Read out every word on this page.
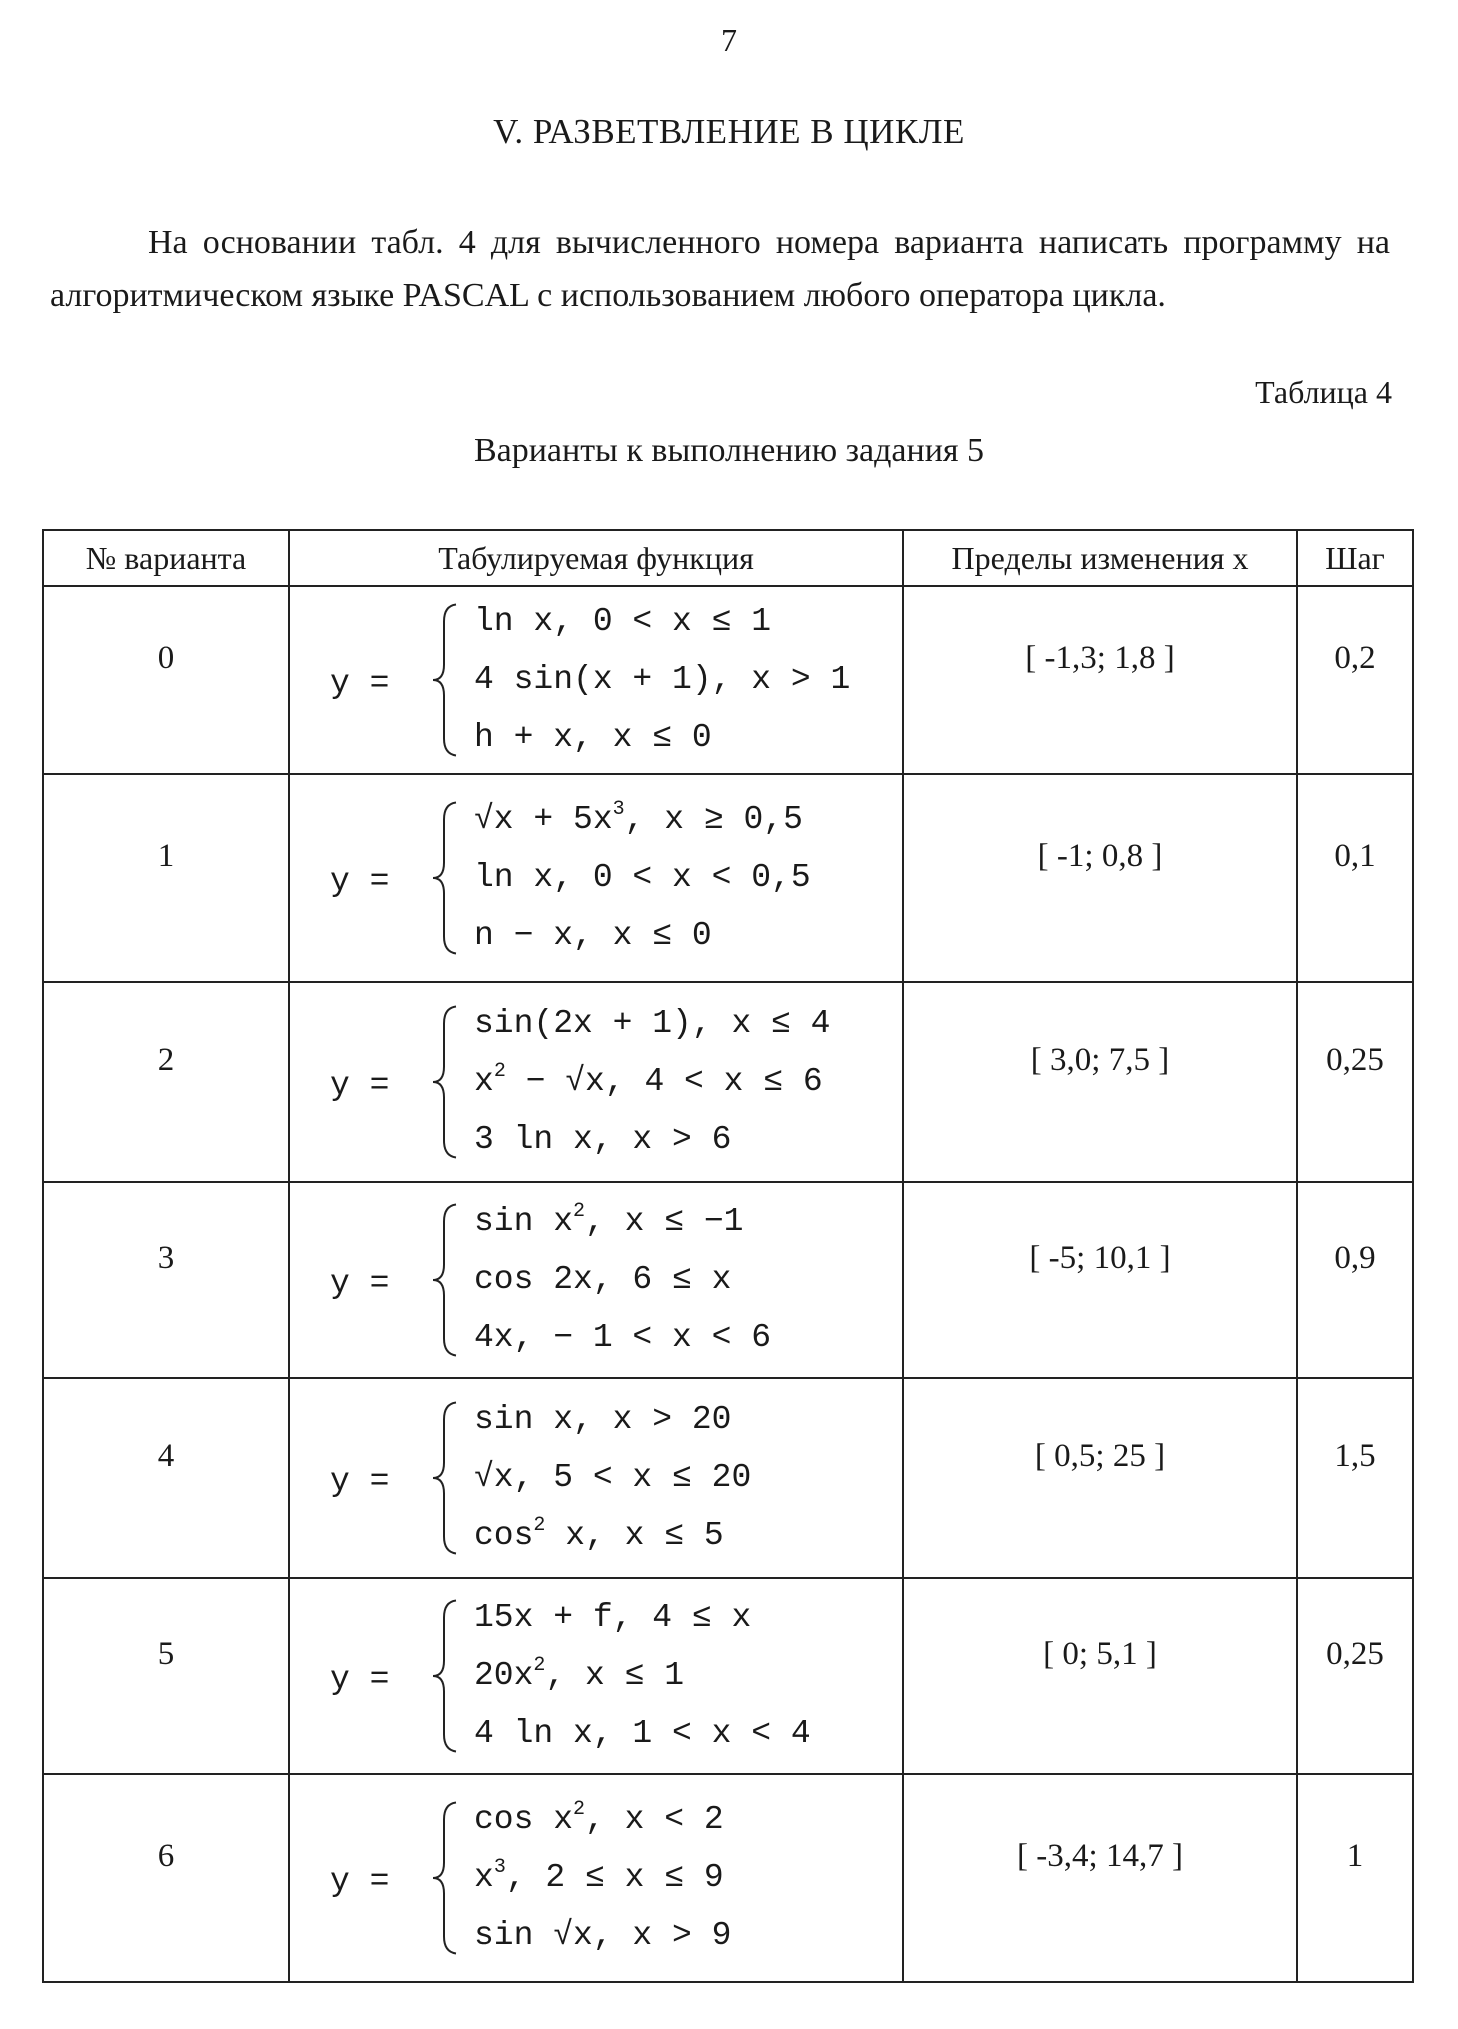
7
V. РАЗВЕТВЛЕНИЕ В ЦИКЛЕ
На основании табл. 4 для вычисленного номера варианта написать программу на алгоритмическом языке PASCAL с использованием любого оператора цикла.
Таблица 4
Варианты к выполнению задания 5
№ варианта	Табулируемая функция	Пределы изменения x	Шаг
0	y =
ln x, 0 < x ≤ 1
4 sin(x + 1), x > 1
h + x, x ≤ 0	[ -1,3; 1,8 ]	0,2
1	y =
$√x + 5x^3$, x ≥ 0,5
ln x, 0 < x < 0,5
n − x, x ≤ 0	[ -1; 0,8 ]	0,1
2	y =
sin(2x + 1), x ≤ 4
$x^2 - √x$, 4 < x ≤ 6
3 ln x, x > 6	[ 3,0; 7,5 ]	0,25
3	y =
$\sin x^2$, x ≤ −1
cos 2x, 6 ≤ x
4x, − 1 < x < 6	[ -5; 10,1 ]	0,9
4	y =
sin x, x > 20
√x, 5 < x ≤ 20
$\cos^2 x$, x ≤ 5	[ 0,5; 25 ]	1,5
5	y =
15x + f, 4 ≤ x
$20x^2$, x ≤ 1
4 ln x, 1 < x < 4	[ 0; 5,1 ]	0,25
6	y =
$\cos x^2$, x < 2
$x^3$, 2 ≤ x ≤ 9
sin √x, x > 9	[ -3,4; 14,7 ]	1
